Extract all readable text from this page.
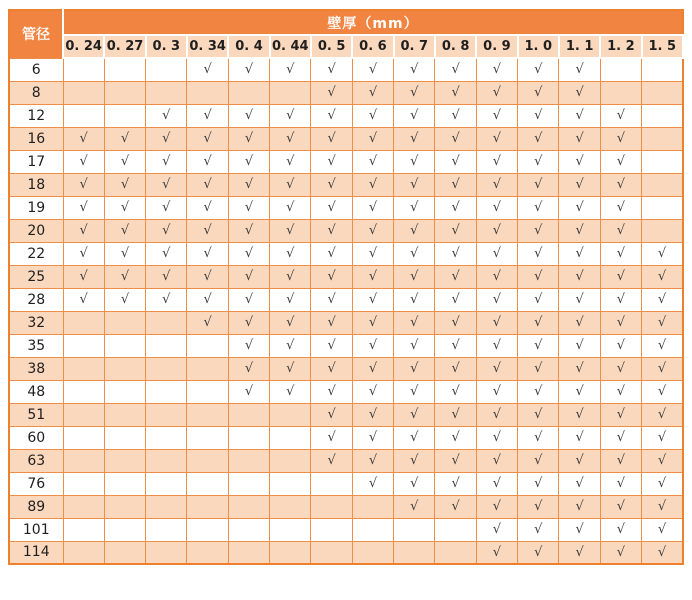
管径	壁厚（mm）														
	0. 24	0. 27	0. 3	0. 34	0. 4	0. 44	0. 5	0. 6	0. 7	0. 8	0. 9	1. 0	1. 1	1. 2	1. 5
6				√	√	√	√	√	√	√	√	√	√		
8							√	√	√	√	√	√	√		
12			√	√	√	√	√	√	√	√	√	√	√	√	
16	√	√	√	√	√	√	√	√	√	√	√	√	√	√	
17	√	√	√	√	√	√	√	√	√	√	√	√	√	√	
18	√	√	√	√	√	√	√	√	√	√	√	√	√	√	
19	√	√	√	√	√	√	√	√	√	√	√	√	√	√	
20	√	√	√	√	√	√	√	√	√	√	√	√	√	√	
22	√	√	√	√	√	√	√	√	√	√	√	√	√	√	√
25	√	√	√	√	√	√	√	√	√	√	√	√	√	√	√
28	√	√	√	√	√	√	√	√	√	√	√	√	√	√	√
32				√	√	√	√	√	√	√	√	√	√	√	√
35					√	√	√	√	√	√	√	√	√	√	√
38					√	√	√	√	√	√	√	√	√	√	√
48					√	√	√	√	√	√	√	√	√	√	√
51							√	√	√	√	√	√	√	√	√
60							√	√	√	√	√	√	√	√	√
63							√	√	√	√	√	√	√	√	√
76								√	√	√	√	√	√	√	√
89									√	√	√	√	√	√	√
101											√	√	√	√	√
114											√	√	√	√	√
